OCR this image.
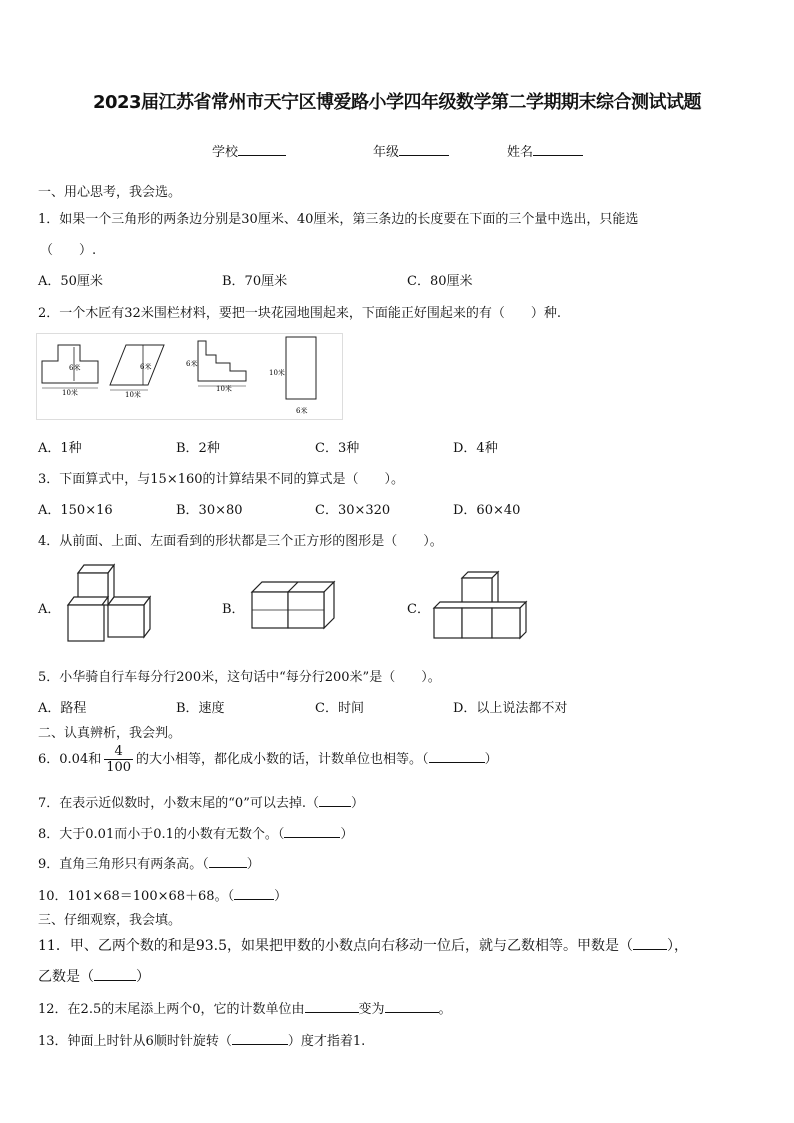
2023届江苏省常州市天宁区博爱路小学四年级数学第二学期期末综合测试试题
学校	年级	姓名
一、用心思考，我会选。
1．如果一个三角形的两条边分别是30厘米、40厘米，第三条边的长度要在下面的三个量中选出，只能选
（　　）.
A．50厘米	B．70厘米	C．80厘米
2．一个木匠有32米围栏材料，要把一块花园地围起来，下面能正好围起来的有（　　）种.
6米
10米
6米
10米
6米
10米
10米
6米
A．1种	B．2种	C．3种	D．4种
3．下面算式中，与15×160的计算结果不同的算式是（　　）。
A．150×16	B．30×80	C．30×320	D．60×40
4．从前面、上面、左面看到的形状都是三个正方形的图形是（　　）。
A．	B．	C．
5．小华骑自行车每分行200米，这句话中“每分行200米”是（　　）。
A．路程	B．速度	C．时间	D．以上说法都不对
二、认真辨析，我会判。
6．0.04和 $\frac{4}{100}$ 的大小相等，都化成小数的话，计数单位也相等。（	）
7．在表示近似数时，小数末尾的“0”可以去掉.（ ）
8．大于0.01而小于0.1的小数有无数个。（	）
9．直角三角形只有两条高。（	）
10．101×68＝100×68＋68。（	）
三、仔细观察，我会填。
11．甲、乙两个数的和是93.5，如果把甲数的小数点向右移动一位后，就与乙数相等。甲数是（ ），
乙数是（	）
12．在2.5的末尾添上两个0，它的计数单位由	变为	。
13．钟面上时针从6顺时针旋转（	）度才指着1.
